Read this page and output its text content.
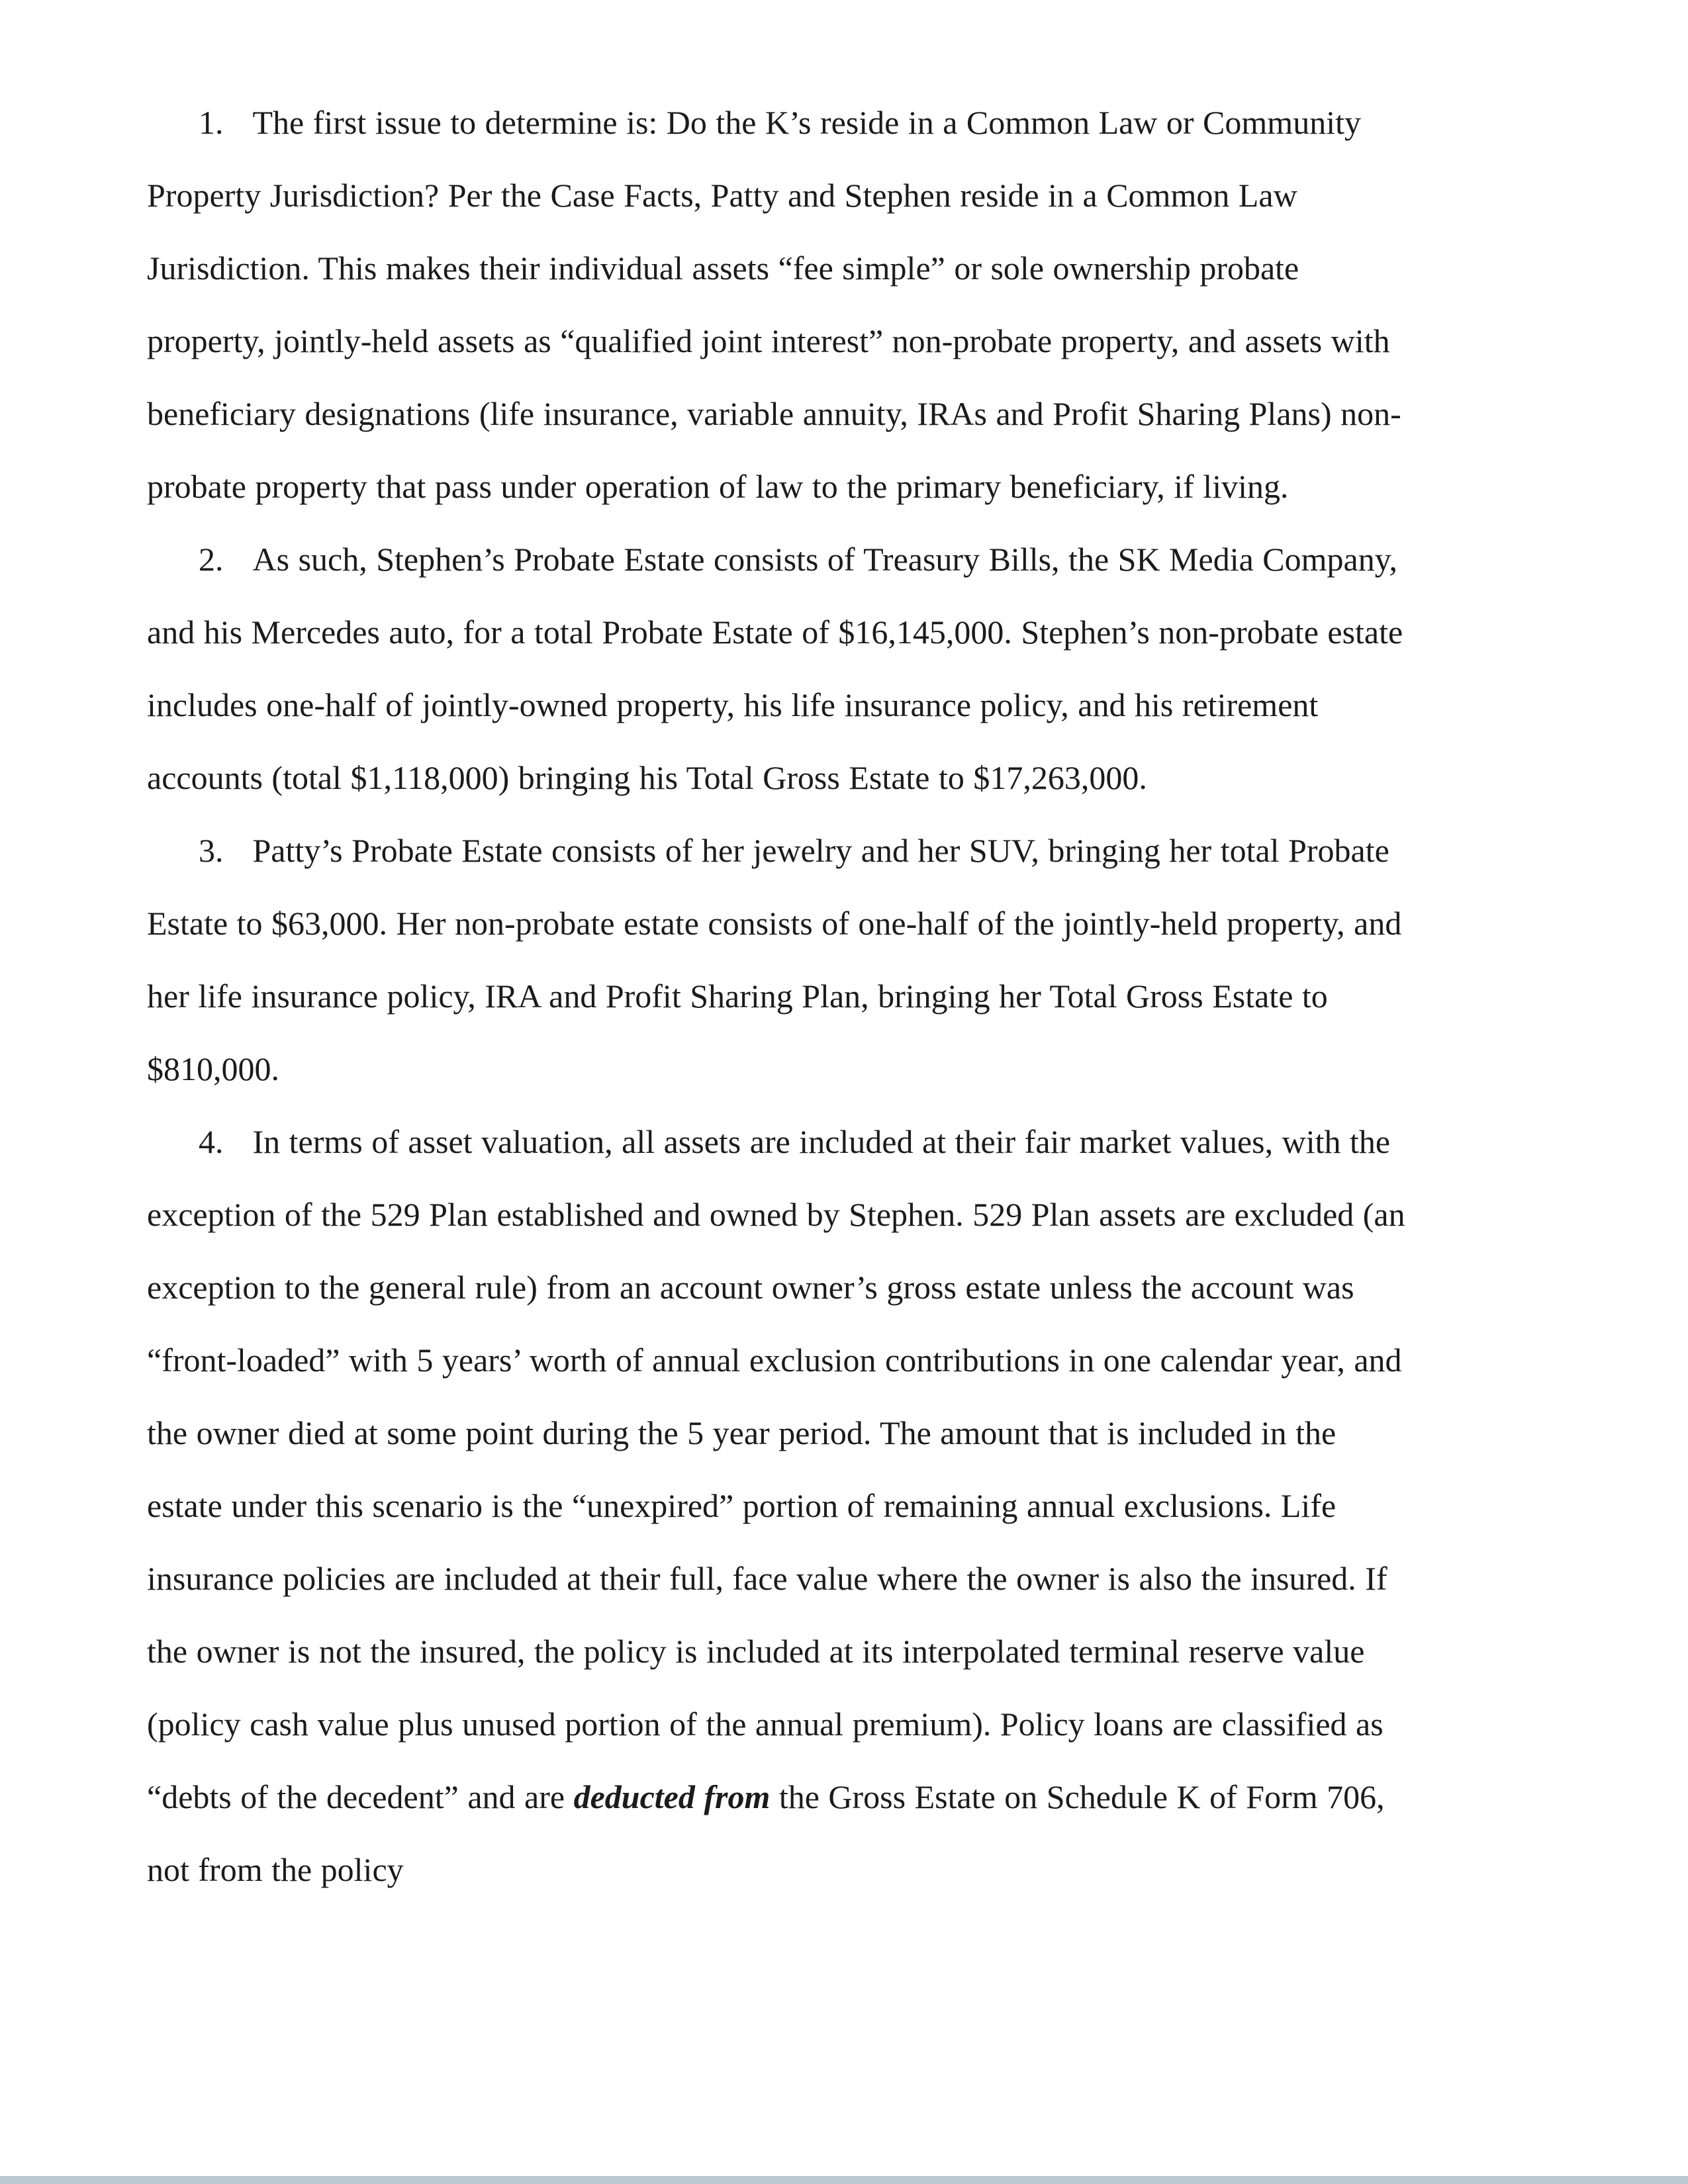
1. The first issue to determine is: Do the K’s reside in a Common Law or Community Property Jurisdiction? Per the Case Facts, Patty and Stephen reside in a Common Law Jurisdiction. This makes their individual assets “fee simple” or sole ownership probate property, jointly-held assets as “qualified joint interest” non-probate property, and assets with beneficiary designations (life insurance, variable annuity, IRAs and Profit Sharing Plans) non-probate property that pass under operation of law to the primary beneficiary, if living.

2. As such, Stephen’s Probate Estate consists of Treasury Bills, the SK Media Company, and his Mercedes auto, for a total Probate Estate of $16,145,000. Stephen’s non-probate estate includes one-half of jointly-owned property, his life insurance policy, and his retirement accounts (total $1,118,000) bringing his Total Gross Estate to $17,263,000.

3. Patty’s Probate Estate consists of her jewelry and her SUV, bringing her total Probate Estate to $63,000. Her non-probate estate consists of one-half of the jointly-held property, and her life insurance policy, IRA and Profit Sharing Plan, bringing her Total Gross Estate to $810,000.

4. In terms of asset valuation, all assets are included at their fair market values, with the exception of the 529 Plan established and owned by Stephen. 529 Plan assets are excluded (an exception to the general rule) from an account owner’s gross estate unless the account was “front-loaded” with 5 years’ worth of annual exclusion contributions in one calendar year, and the owner died at some point during the 5 year period. The amount that is included in the estate under this scenario is the “unexpired” portion of remaining annual exclusions. Life insurance policies are included at their full, face value where the owner is also the insured. If the owner is not the insured, the policy is included at its interpolated terminal reserve value (policy cash value plus unused portion of the annual premium). Policy loans are classified as “debts of the decedent” and are deducted from the Gross Estate on Schedule K of Form 706, not from the policy
